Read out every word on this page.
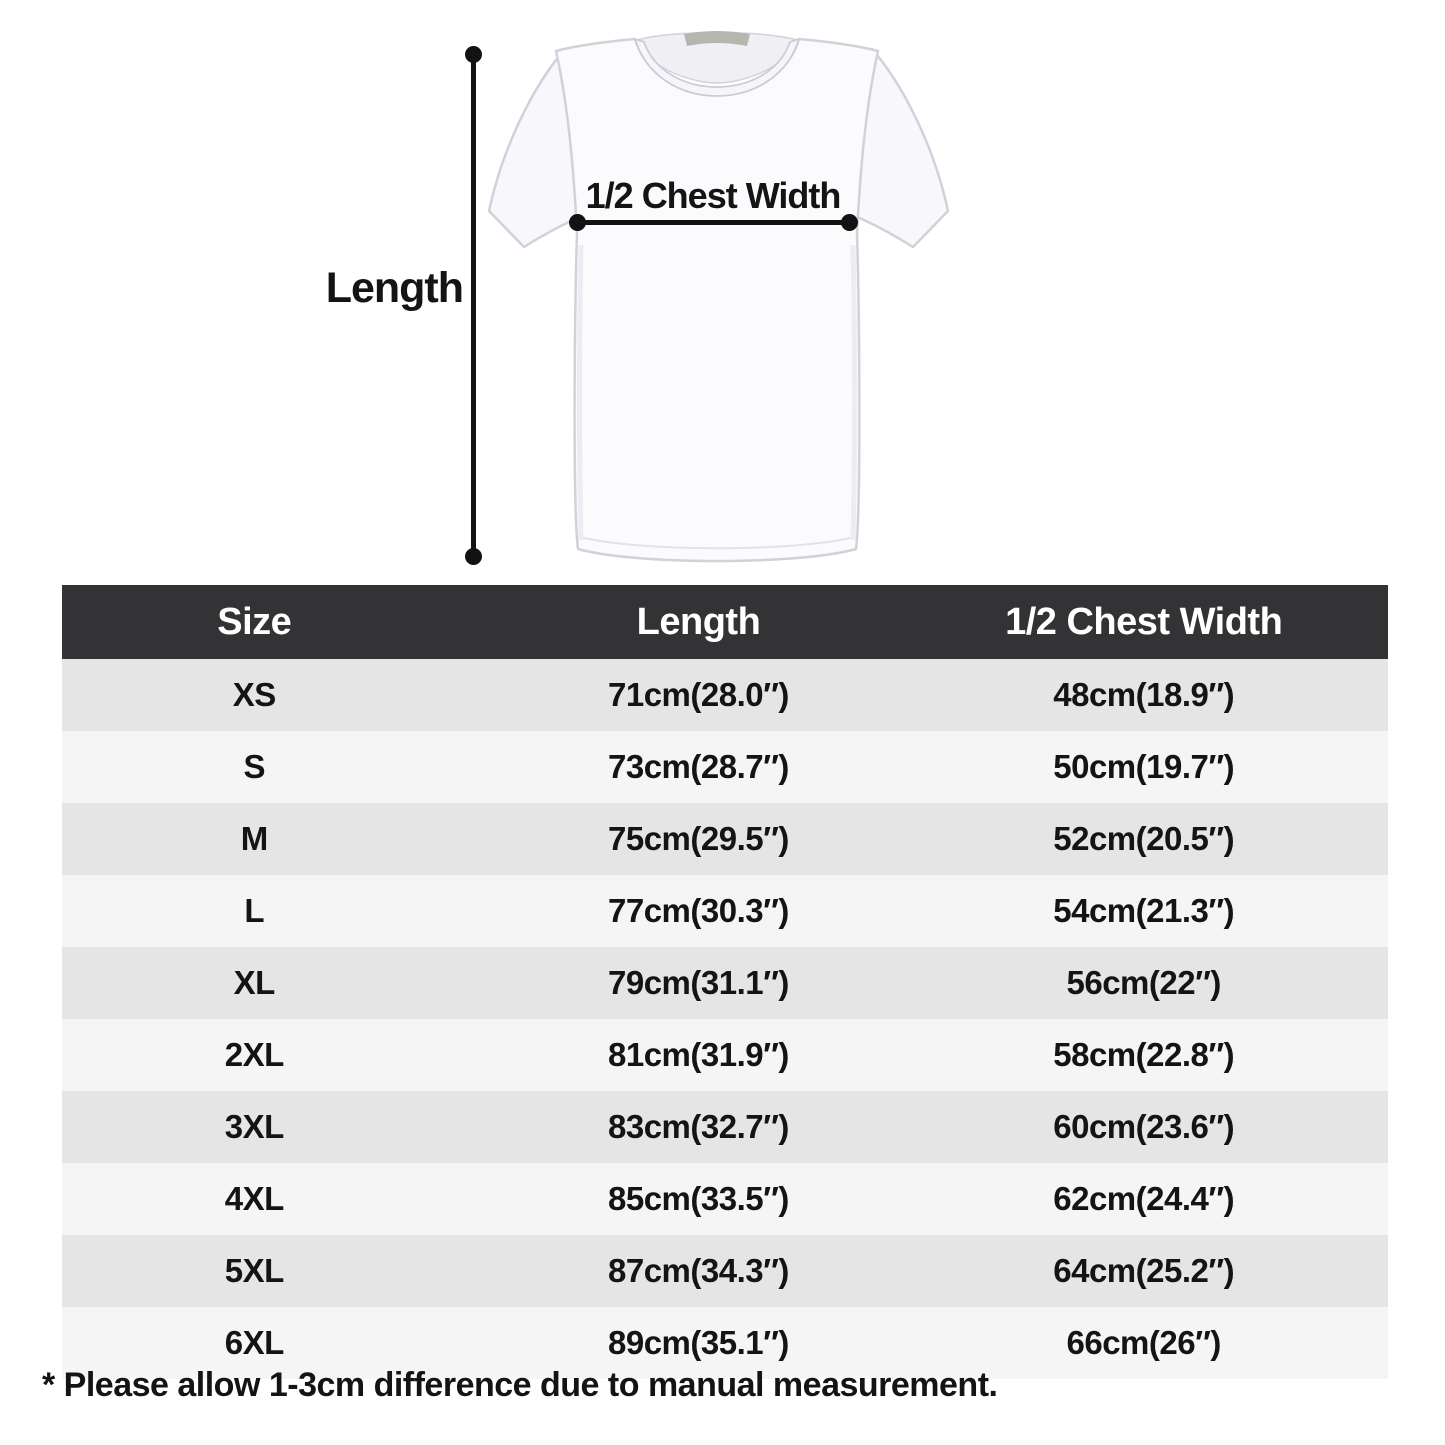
Length
1/2 Chest Width
Size	Length	1/2 Chest Width
XS	71cm(28.0″)	48cm(18.9″)
S	73cm(28.7″)	50cm(19.7″)
M	75cm(29.5″)	52cm(20.5″)
L	77cm(30.3″)	54cm(21.3″)
XL	79cm(31.1″)	56cm(22″)
2XL	81cm(31.9″)	58cm(22.8″)
3XL	83cm(32.7″)	60cm(23.6″)
4XL	85cm(33.5″)	62cm(24.4″)
5XL	87cm(34.3″)	64cm(25.2″)
6XL	89cm(35.1″)	66cm(26″)
* Please allow 1-3cm difference due to manual measurement.
